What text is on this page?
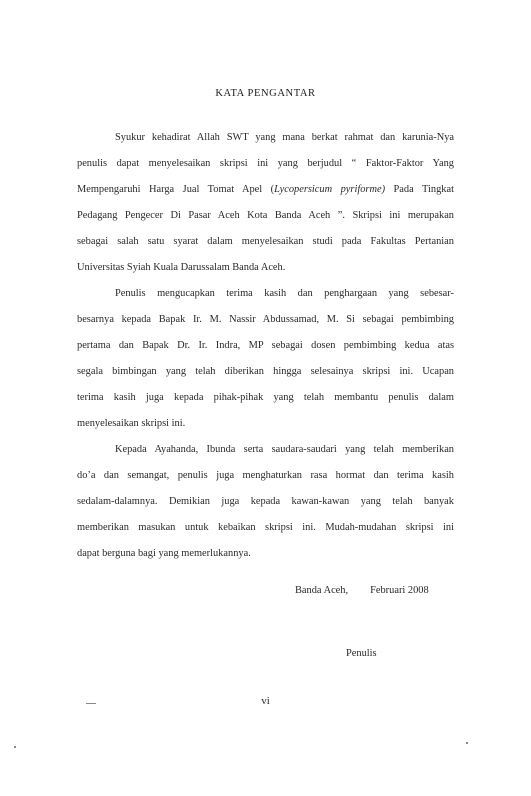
KATA PENGANTAR
Syukur kehadirat Allah SWT yang mana berkat rahmat dan karunia-Nya
penulis dapat menyelesaikan skripsi ini yang berjudul “ Faktor-Faktor Yang
Mempengaruhi Harga Jual Tomat Apel (Lycopersicum pyriforme) Pada Tingkat
Pedagang Pengecer Di Pasar Aceh Kota Banda Aceh ”. Skripsi ini merupakan
sebagai salah satu syarat dalam menyelesaikan studi pada Fakultas Pertanian
Universitas Syiah Kuala Darussalam Banda Aceh.
Penulis mengucapkan terima kasih dan penghargaan yang sebesar-
besarnya kepada Bapak Ir. M. Nassir Abdussamad, M. Si sebagai pembimbing
pertama dan Bapak Dr. Ir. Indra, MP sebagai dosen pembimbing kedua atas
segala bimbingan yang telah diberikan hingga selesainya skripsi ini. Ucapan
terima kasih juga kepada pihak-pihak yang telah membantu penulis dalam
menyelesaikan skripsi ini.
Kepada Ayahanda, Ibunda serta saudara-saudari yang telah memberikan
do’a dan semangat, penulis juga menghaturkan rasa hormat dan terima kasih
sedalam-dalamnya. Demikian juga kepada kawan-kawan yang telah banyak
memberikan masukan untuk kebaikan skripsi ini. Mudah-mudahan skripsi ini
dapat berguna bagi yang memerlukannya.
Banda Aceh, Februari 2008
Penulis
vi
